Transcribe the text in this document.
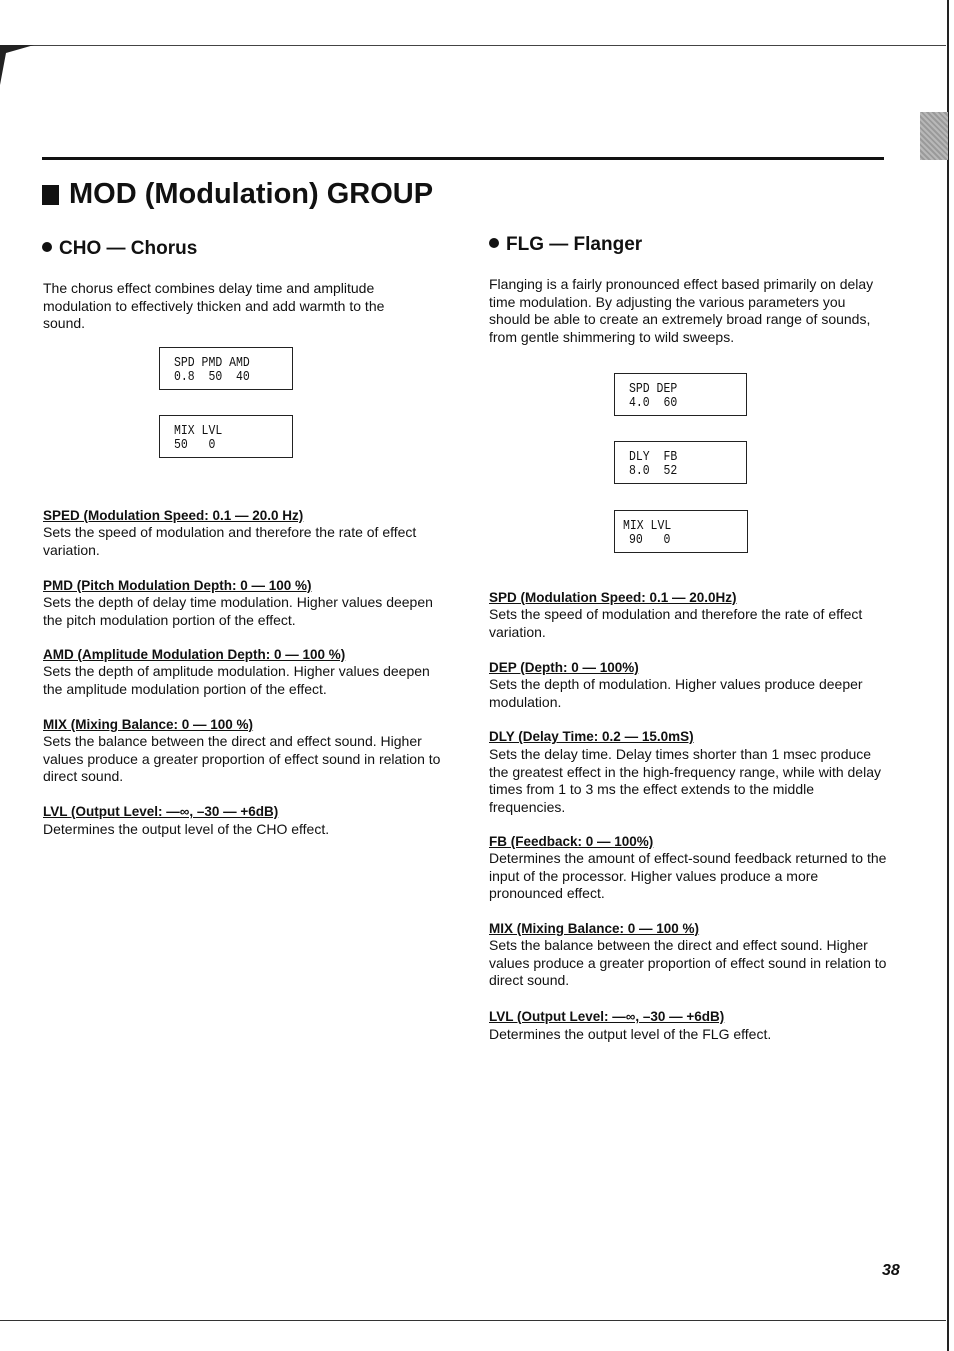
MOD (Modulation) GROUP
CHO — Chorus
The chorus effect combines delay time and amplitude modulation to effectively thicken and add warmth to the sound.
SPD PMD AMD
0.8  50  40
MIX LVL
50   0
SPED (Modulation Speed: 0.1 — 20.0 Hz)
Sets the speed of modulation and therefore the rate of effect variation.
PMD (Pitch Modulation Depth: 0 — 100 %)
Sets the depth of delay time modulation. Higher values deepen the pitch modulation portion of the effect.
AMD (Amplitude Modulation Depth: 0 — 100 %)
Sets the depth of amplitude modulation. Higher values deepen the amplitude modulation portion of the effect.
MIX (Mixing Balance: 0 — 100 %)
Sets the balance between the direct and effect sound. Higher values produce a greater proportion of effect sound in relation to direct sound.
LVL (Output Level: —∞, –30 — +6dB)
Determines the output level of the CHO effect.
FLG — Flanger
Flanging is a fairly pronounced effect based primarily on delay time modulation. By adjusting the various parameters you should be able to create an extremely broad range of sounds, from gentle shimmering to wild sweeps.
SPD DEP
4.0  60
DLY  FB
8.0  52
MIX LVL
90   0
SPD (Modulation Speed: 0.1 — 20.0Hz)
Sets the speed of modulation and therefore the rate of effect variation.
DEP (Depth: 0 — 100%)
Sets the depth of modulation. Higher values produce deeper modulation.
DLY (Delay Time: 0.2 — 15.0mS)
Sets the delay time. Delay times shorter than 1 msec produce the greatest effect in the high-frequency range, while with delay times from 1 to 3 ms the effect extends to the middle frequencies.
FB (Feedback: 0 — 100%)
Determines the amount of effect-sound feedback returned to the input of the processor. Higher values produce a more pronounced effect.
MIX (Mixing Balance: 0 — 100 %)
Sets the balance between the direct and effect sound. Higher values produce a greater proportion of effect sound in relation to direct sound.
LVL (Output Level: —∞, –30 — +6dB)
Determines the output level of the FLG effect.
38
